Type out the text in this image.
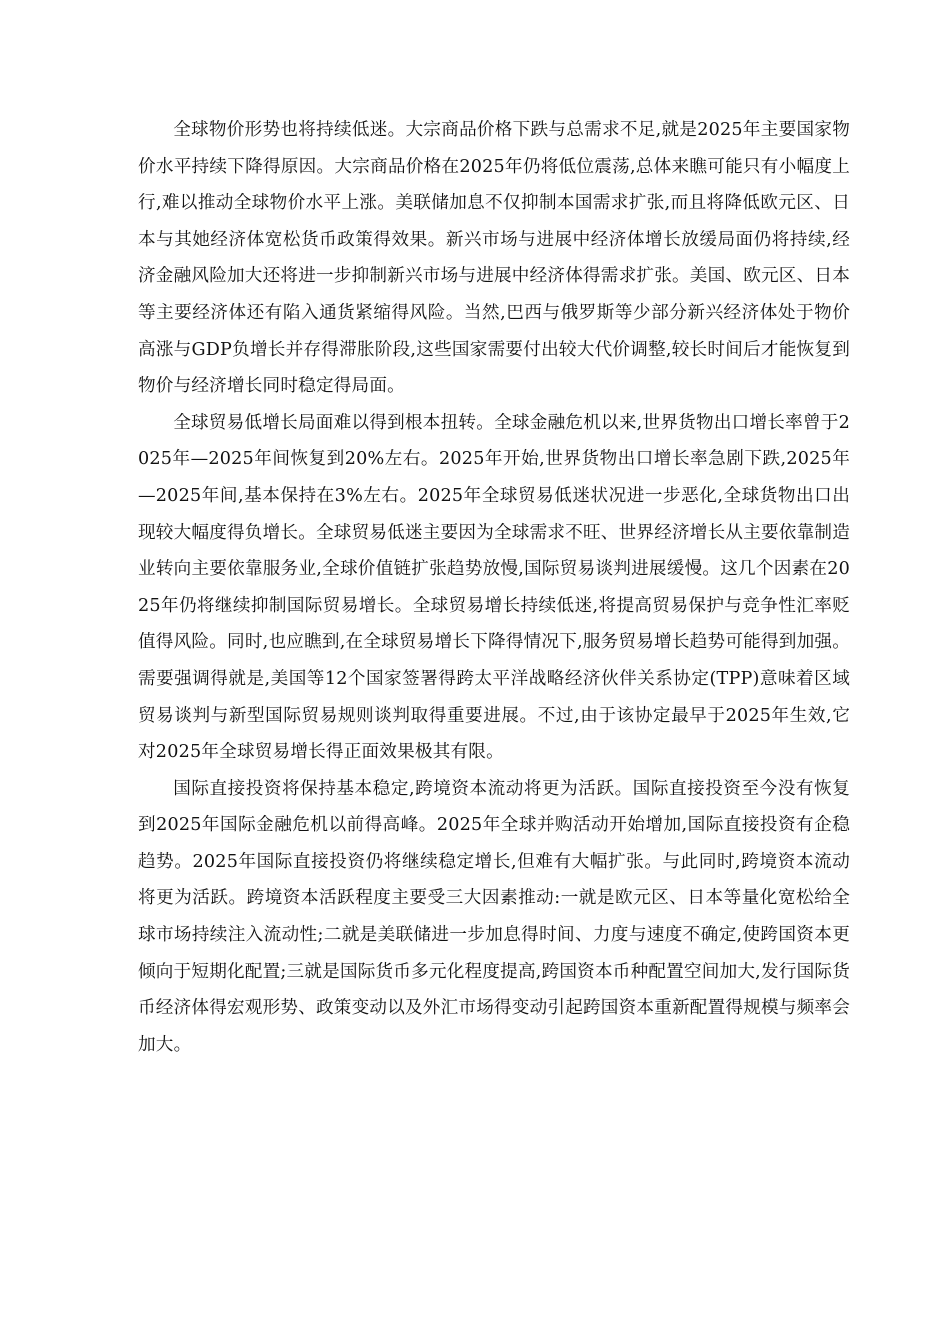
全球物价形势也将持续低迷。大宗商品价格下跌与总需求不足,就是2025年主要国家物价水平持续下降得原因。大宗商品价格在2025年仍将低位震荡,总体来瞧可能只有小幅度上行,难以推动全球物价水平上涨。美联储加息不仅抑制本国需求扩张,而且将降低欧元区、日本与其她经济体宽松货币政策得效果。新兴市场与进展中经济体增长放缓局面仍将持续,经济金融风险加大还将进一步抑制新兴市场与进展中经济体得需求扩张。美国、欧元区、日本等主要经济体还有陷入通货紧缩得风险。当然,巴西与俄罗斯等少部分新兴经济体处于物价高涨与GDP负增长并存得滞胀阶段,这些国家需要付出较大代价调整,较长时间后才能恢复到物价与经济增长同时稳定得局面。

全球贸易低增长局面难以得到根本扭转。全球金融危机以来,世界货物出口增长率曾于2025年—2025年间恢复到20%左右。2025年开始,世界货物出口增长率急剧下跌,2025年—2025年间,基本保持在3%左右。2025年全球贸易低迷状况进一步恶化,全球货物出口出现较大幅度得负增长。全球贸易低迷主要因为全球需求不旺、世界经济增长从主要依靠制造业转向主要依靠服务业,全球价值链扩张趋势放慢,国际贸易谈判进展缓慢。这几个因素在2025年仍将继续抑制国际贸易增长。全球贸易增长持续低迷,将提高贸易保护与竞争性汇率贬值得风险。同时,也应瞧到,在全球贸易增长下降得情况下,服务贸易增长趋势可能得到加强。需要强调得就是,美国等12个国家签署得跨太平洋战略经济伙伴关系协定(TPP)意味着区域贸易谈判与新型国际贸易规则谈判取得重要进展。不过,由于该协定最早于2025年生效,它对2025年全球贸易增长得正面效果极其有限。

国际直接投资将保持基本稳定,跨境资本流动将更为活跃。国际直接投资至今没有恢复到2025年国际金融危机以前得高峰。2025年全球并购活动开始增加,国际直接投资有企稳趋势。2025年国际直接投资仍将继续稳定增长,但难有大幅扩张。与此同时,跨境资本流动将更为活跃。跨境资本活跃程度主要受三大因素推动:一就是欧元区、日本等量化宽松给全球市场持续注入流动性;二就是美联储进一步加息得时间、力度与速度不确定,使跨国资本更倾向于短期化配置;三就是国际货币多元化程度提高,跨国资本币种配置空间加大,发行国际货币经济体得宏观形势、政策变动以及外汇市场得变动引起跨国资本重新配置得规模与频率会加大。
